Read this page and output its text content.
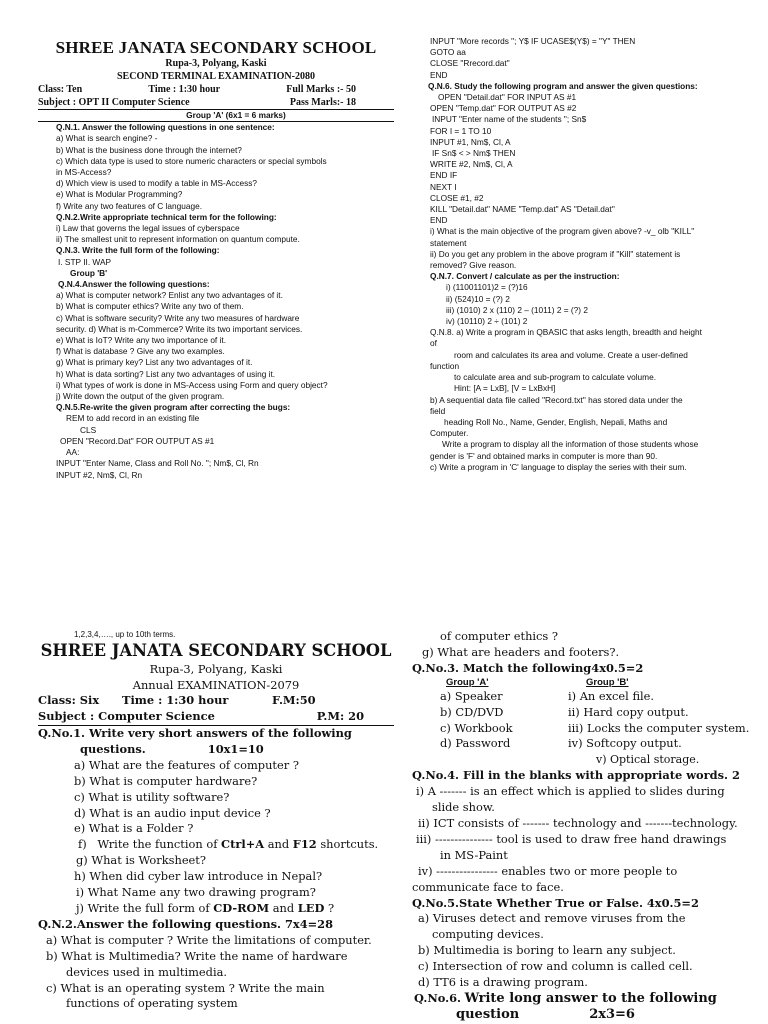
SHREE JANATA SECONDARY SCHOOL
Rupa-3, Polyang, Kaski
SECOND TERMINAL EXAMINATION-2080
Class: Ten	Time : 1:30 hour	Full Marks :- 50
Subject : OPT II Computer Science	Pass Marls:- 18
Group 'A' (6x1 = 6 marks)
Q.N.1. Answer the following questions in one sentence:
a) What is search engine? -
b) What is the business done through the internet?
c) Which data type is used to store numeric characters or special symbols
in MS-Access?
d) Which view is used to modify a table in MS-Access?
e) What is Modular Programming?
f) Write any two features of C language.
Q.N.2.Write appropriate technical term for the following:
i) Law that governs the legal issues of cyberspace
ii) The smallest unit to represent information on quantum compute.
Q.N.3. Write the full form of the following:
I. STP II. WAP
Group 'B'
Q.N.4.Answer the following questions:
a) What is computer network? Enlist any two advantages of it.
b) What is computer ethics? Write any two of them.
c) What is software security? Write any two measures of hardware
security. d) What is m-Commerce? Write its two important services.
e) What is IoT? Write any two importance of it.
f) What is database ? Give any two examples.
g) What is primary key? List any two advantages of it.
h) What is data sorting? List any two advantages of using it.
i) What types of work is done in MS-Access using Form and query object?
j) Write down the output of the given program.
Q.N.5.Re-write the given program after correcting the bugs:
REM to add record in an existing file
CLS
OPEN "Record.Dat" FOR OUTPUT AS #1
AA:
INPUT "Enter Name, Class and Roll No. "; Nm$, Cl, Rn
INPUT #2, Nm$, Cl, Rn
INPUT "More records "; Y$ IF UCASE$(Y$) = "Y" THEN
GOTO aa
CLOSE "Rrecord.dat"
END
Q.N.6. Study the following program and answer the given questions:
OPEN "Detail.dat" FOR INPUT AS #1
OPEN "Temp.dat" FOR OUTPUT AS #2
INPUT "Enter name of the students "; Sn$
FOR I = 1 TO 10
INPUT #1, Nm$, Cl, A
IF Sn$ < > Nm$ THEN
WRITE #2, Nm$, Cl, A
END IF
NEXT I
CLOSE #1, #2
KILL "Detail.dat" NAME "Temp.dat" AS "Detail.dat"
END
i) What is the main objective of the program given above? -v_ olb "KILL"
statement
ii) Do you get any problem in the above program if "Kill" statement is
removed? Give reason.
Q.N.7. Convert / calculate as per the instruction:
i) (11001101)2 = (?)16
ii) (524)10 = (?) 2
iii) (1010) 2 x (110) 2 – (1011) 2 = (?) 2
iv) (10110) 2 ÷ (101) 2
Q.N.8. a) Write a program in QBASIC that asks length, breadth and height
of
room and calculates its area and volume. Create a user-defined
function
to calculate area and sub-program to calculate volume.
Hint: [A = LxB], [V = LxBxH]
b) A sequential data file called "Record.txt" has stored data under the
field
heading Roll No., Name, Gender, English, Nepali, Maths and
Computer.
Write a program to display all the information of those students whose
gender is 'F' and obtained marks in computer is more than 90.
c) Write a program in 'C' language to display the series with their sum.
1,2,3,4,…., up to 10th terms.
SHREE JANATA SECONDARY SCHOOL
Rupa-3, Polyang, Kaski
Annual EXAMINATION-2079
Class: Six	Time : 1:30 hour	F.M:50
Subject : Computer Science	P.M: 20
Q.No.1. Write very short answers of the following
questions.	10x1=10
a) What are the features of computer ?
b) What is computer hardware?
c) What is utility software?
d) What is an audio input device ?
e) What is a Folder ?
f) Write the function of Ctrl+A and F12 shortcuts.
g) What is Worksheet?
h) When did cyber law introduce in Nepal?
i) What Name any two drawing program?
j) Write the full form of CD-ROM and LED ?
Q.N.2.Answer the following questions. 7x4=28
a) What is computer ? Write the limitations of computer.
b) What is Multimedia? Write the name of hardware
devices used in multimedia.
c) What is an operating system ? Write the main
functions of operating system
of computer ethics ?
g) What are headers and footers?.
Q.No.3. Match the following4x0.5=2
Group 'A'	Group 'B'
a) Speaker	i) An excel file.
b) CD/DVD	ii) Hard copy output.
c) Workbook	iii) Locks the computer system.
d) Password	iv) Softcopy output.
v) Optical storage.
Q.No.4. Fill in the blanks with appropriate words. 2
i) A ------- is an effect which is applied to slides during
slide show.
ii) ICT consists of ------- technology and -------technology.
iii) --------------- tool is used to draw free hand drawings
in MS-Paint
iv) ---------------- enables two or more people to
communicate face to face.
Q.No.5.State Whether True or False. 4x0.5=2
a) Viruses detect and remove viruses from the
computing devices.
b) Multimedia is boring to learn any subject.
c) Intersection of row and column is called cell.
d) TT6 is a drawing program.
Q.No.6. Write long answer to the following
question	2x3=6
